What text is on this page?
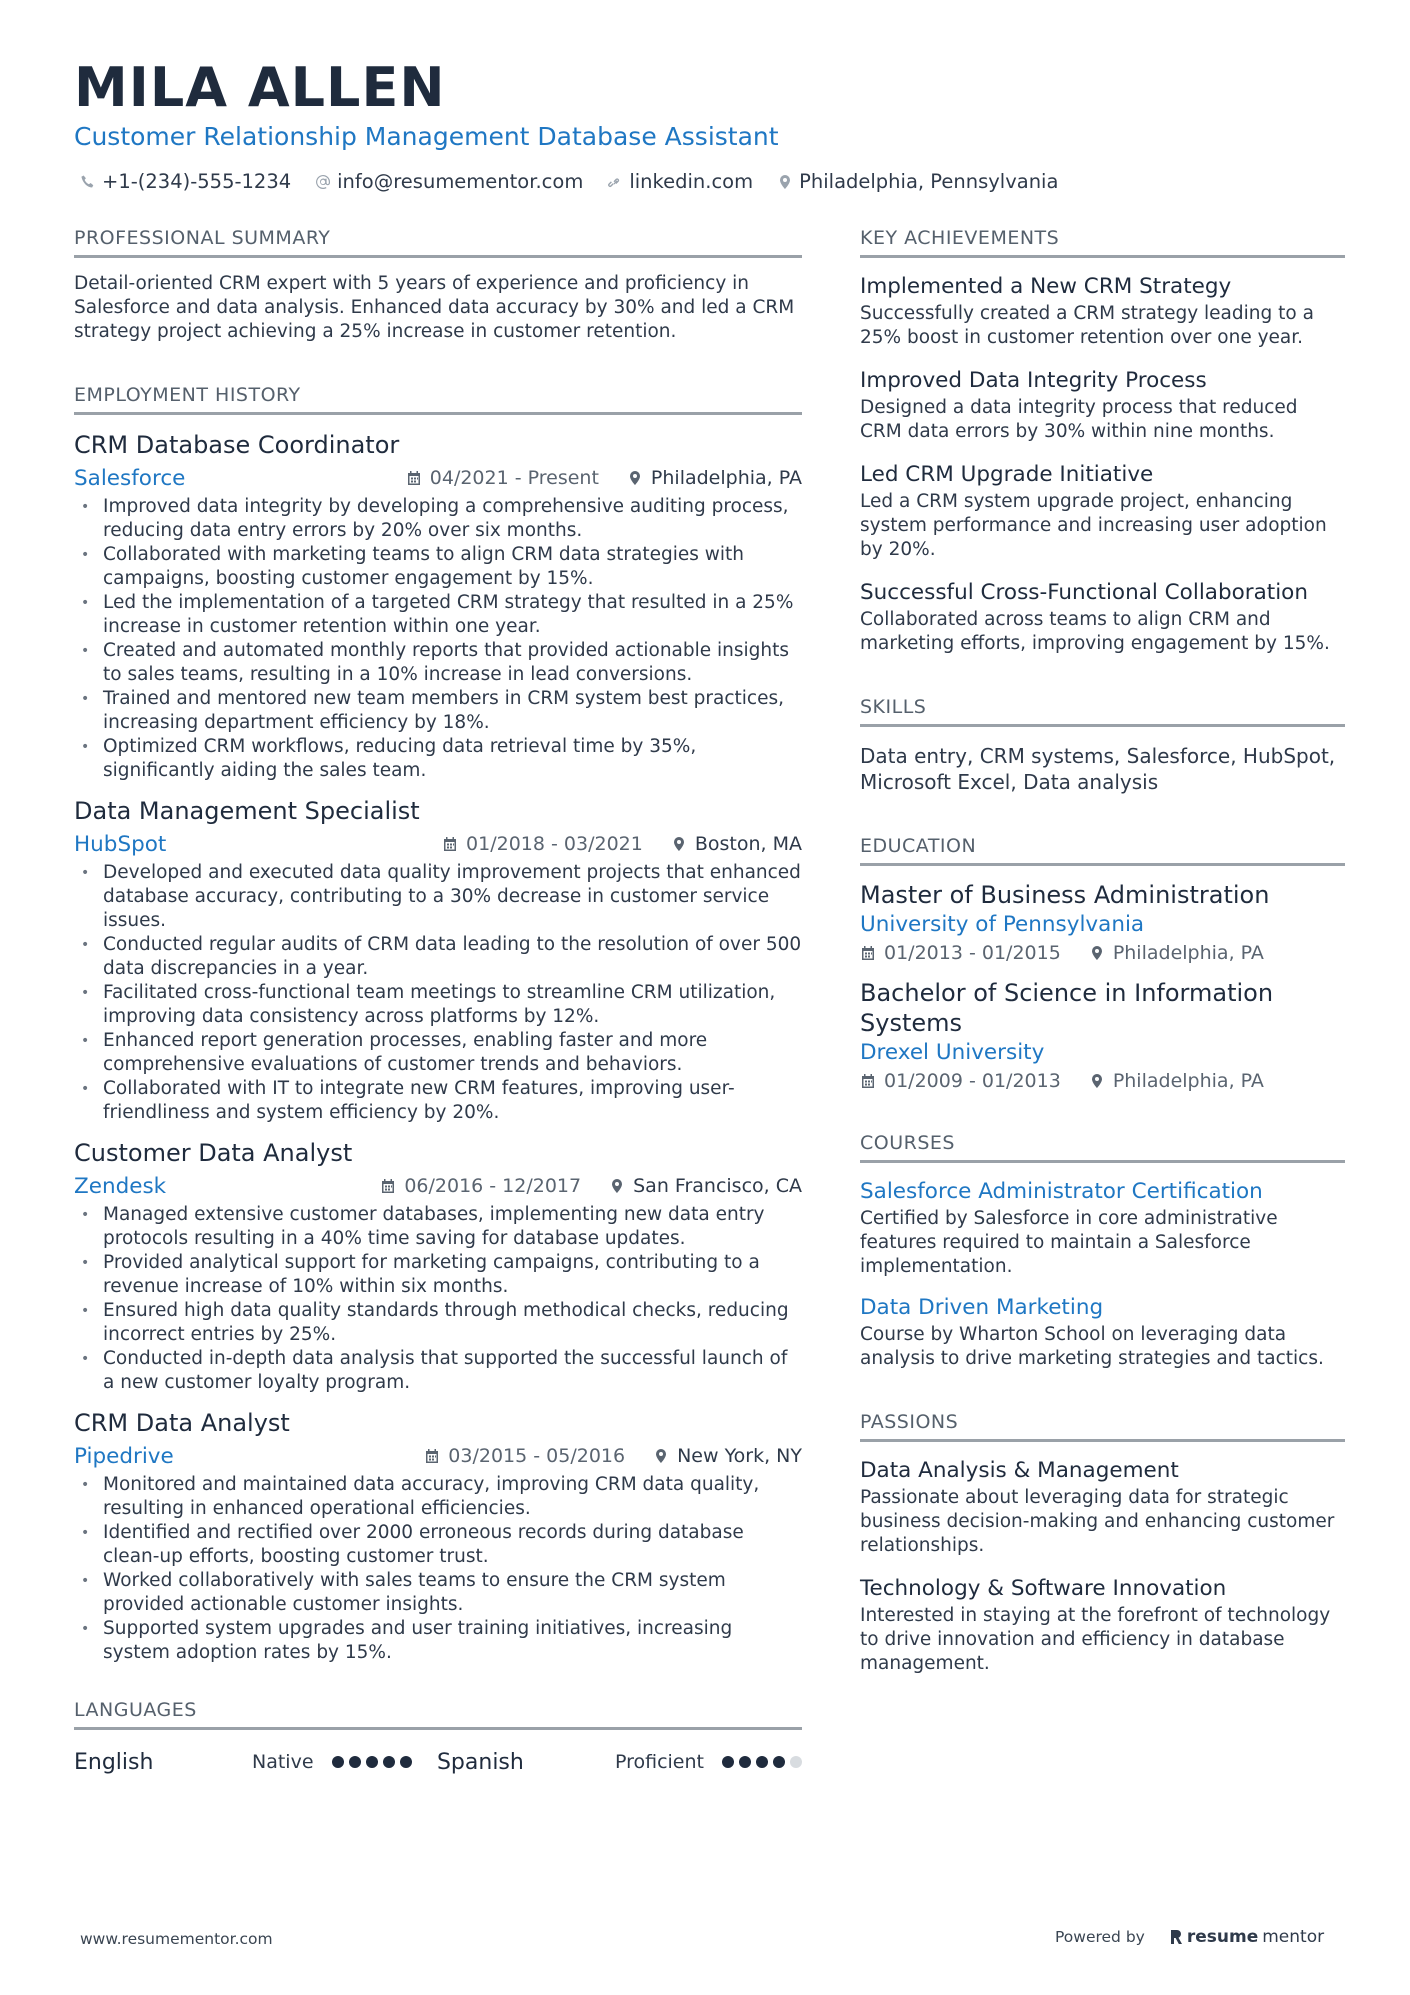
MILA ALLEN
Customer Relationship Management Database Assistant
+1-(234)-555-1234 info@resumementor.com linkedin.com Philadelphia, Pennsylvania
PROFESSIONAL SUMMARY
Detail-oriented CRM expert with 5 years of experience and proficiency in Salesforce and data analysis. Enhanced data accuracy by 30% and led a CRM strategy project achieving a 25% increase in customer retention.
EMPLOYMENT HISTORY
CRM Database Coordinator
Salesforce	04/2021 - Present	Philadelphia, PA
• Improved data integrity by developing a comprehensive auditing process, reducing data entry errors by 20% over six months.
• Collaborated with marketing teams to align CRM data strategies with campaigns, boosting customer engagement by 15%.
• Led the implementation of a targeted CRM strategy that resulted in a 25% increase in customer retention within one year.
• Created and automated monthly reports that provided actionable insights to sales teams, resulting in a 10% increase in lead conversions.
• Trained and mentored new team members in CRM system best practices, increasing department efficiency by 18%.
• Optimized CRM workflows, reducing data retrieval time by 35%, significantly aiding the sales team.
Data Management Specialist
HubSpot	01/2018 - 03/2021	Boston, MA
• Developed and executed data quality improvement projects that enhanced database accuracy, contributing to a 30% decrease in customer service issues.
• Conducted regular audits of CRM data leading to the resolution of over 500 data discrepancies in a year.
• Facilitated cross-functional team meetings to streamline CRM utilization, improving data consistency across platforms by 12%.
• Enhanced report generation processes, enabling faster and more comprehensive evaluations of customer trends and behaviors.
• Collaborated with IT to integrate new CRM features, improving user-friendliness and system efficiency by 20%.
Customer Data Analyst
Zendesk	06/2016 - 12/2017	San Francisco, CA
• Managed extensive customer databases, implementing new data entry protocols resulting in a 40% time saving for database updates.
• Provided analytical support for marketing campaigns, contributing to a revenue increase of 10% within six months.
• Ensured high data quality standards through methodical checks, reducing incorrect entries by 25%.
• Conducted in-depth data analysis that supported the successful launch of a new customer loyalty program.
CRM Data Analyst
Pipedrive	03/2015 - 05/2016	New York, NY
• Monitored and maintained data accuracy, improving CRM data quality, resulting in enhanced operational efficiencies.
• Identified and rectified over 2000 erroneous records during database clean-up efforts, boosting customer trust.
• Worked collaboratively with sales teams to ensure the CRM system provided actionable customer insights.
• Supported system upgrades and user training initiatives, increasing system adoption rates by 15%.
LANGUAGES
English	Native	Spanish	Proficient
KEY ACHIEVEMENTS
Implemented a New CRM Strategy
Successfully created a CRM strategy leading to a 25% boost in customer retention over one year.
Improved Data Integrity Process
Designed a data integrity process that reduced CRM data errors by 30% within nine months.
Led CRM Upgrade Initiative
Led a CRM system upgrade project, enhancing system performance and increasing user adoption by 20%.
Successful Cross-Functional Collaboration
Collaborated across teams to align CRM and marketing efforts, improving engagement by 15%.
SKILLS
Data entry, CRM systems, Salesforce, HubSpot, Microsoft Excel, Data analysis
EDUCATION
Master of Business Administration
University of Pennsylvania
01/2013 - 01/2015	Philadelphia, PA
Bachelor of Science in Information Systems
Drexel University
01/2009 - 01/2013	Philadelphia, PA
COURSES
Salesforce Administrator Certification
Certified by Salesforce in core administrative features required to maintain a Salesforce implementation.
Data Driven Marketing
Course by Wharton School on leveraging data analysis to drive marketing strategies and tactics.
PASSIONS
Data Analysis & Management
Passionate about leveraging data for strategic business decision-making and enhancing customer relationships.
Technology & Software Innovation
Interested in staying at the forefront of technology to drive innovation and efficiency in database management.
www.resumementor.com	Powered by resume mentor
